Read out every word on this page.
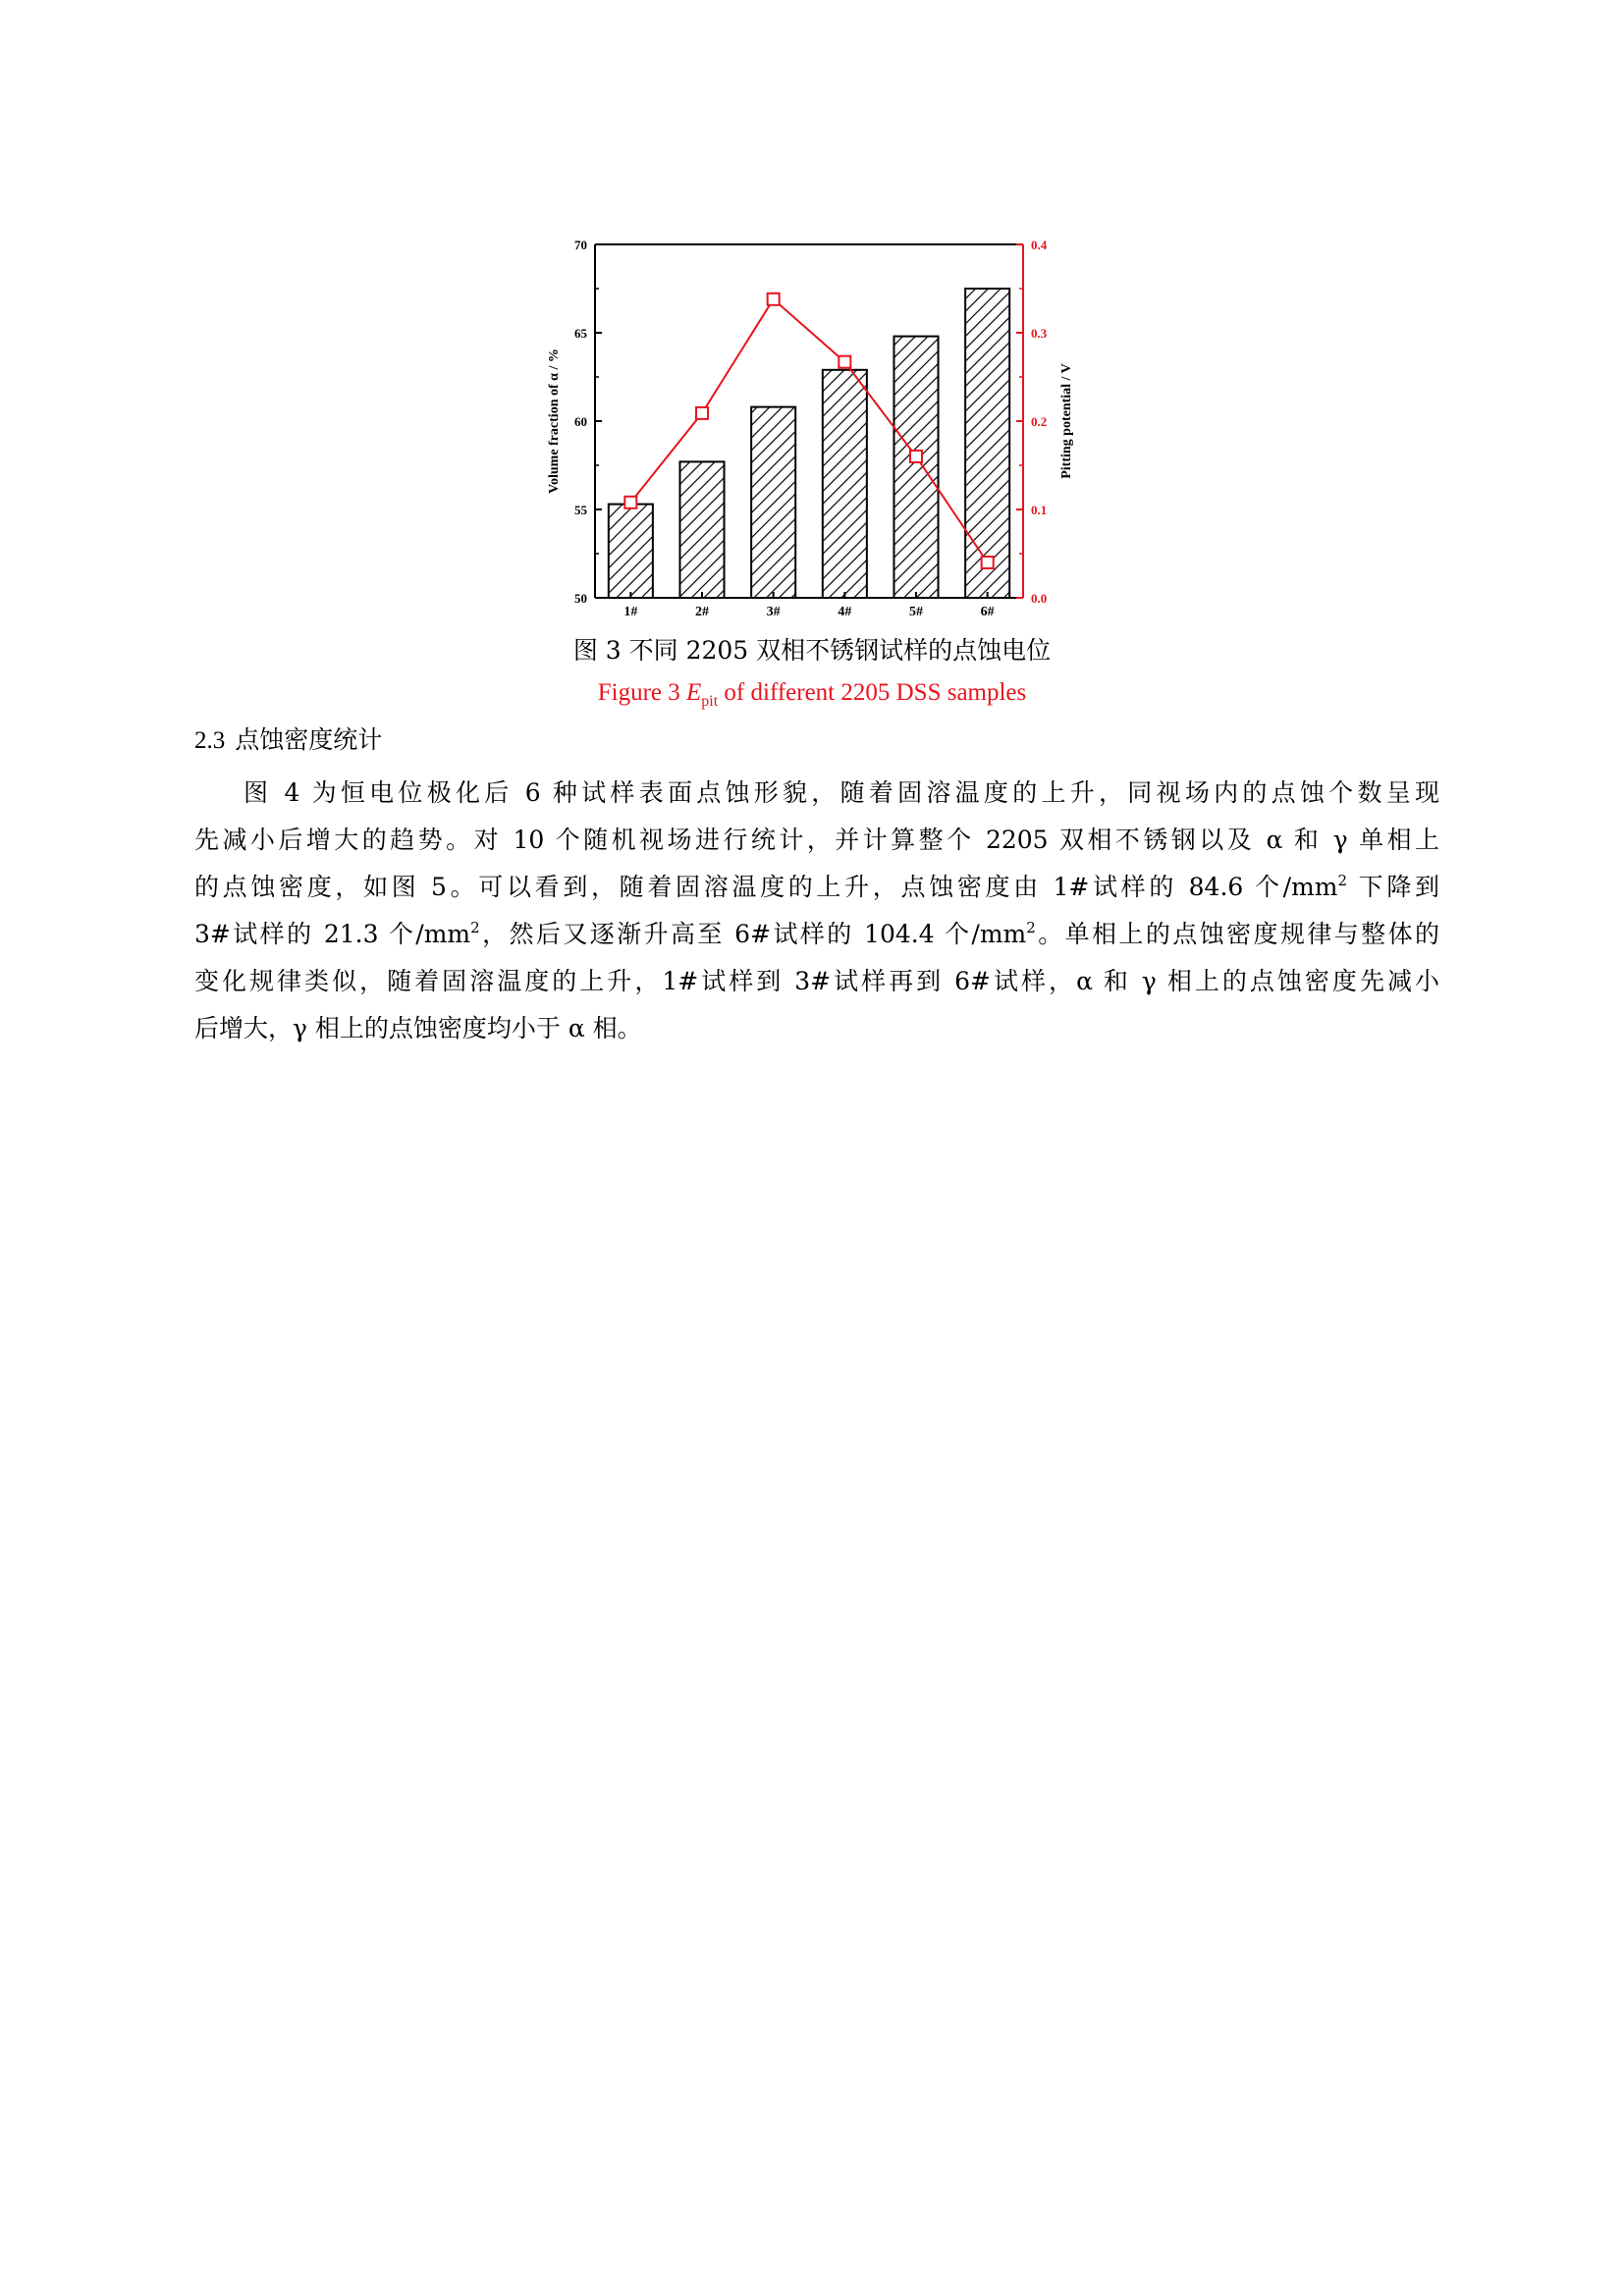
50
55
60
65
70
0.0
0.1
0.2
0.3
0.4
1#	2#	3#	4#	5#	6#
Volume fraction of α / %	Pitting potential / V
图 3 不同 2205 双相不锈钢试样的点蚀电位
Figure 3 $E_{pit}$ of different 2205 DSS samples
2.3 点蚀密度统计
图 4 为恒电位极化后 6 种试样表面点蚀形貌，随着固溶温度的上升，同视场内的点蚀个数呈现
先减小后增大的趋势。对 10 个随机视场进行统计，并计算整个 2205 双相不锈钢以及 α 和 γ 单相上
的点蚀密度，如图 5。可以看到，随着固溶温度的上升，点蚀密度由 1#试样的 84.6 个$/mm^2$ 下降到
3#试样的 21.3 个$/mm^2$，然后又逐渐升高至 6#试样的 104.4 个$/mm^2$。单相上的点蚀密度规律与整体的
变化规律类似，随着固溶温度的上升，1#试样到 3#试样再到 6#试样，α 和 γ 相上的点蚀密度先减小
后增大，γ 相上的点蚀密度均小于 α 相。
